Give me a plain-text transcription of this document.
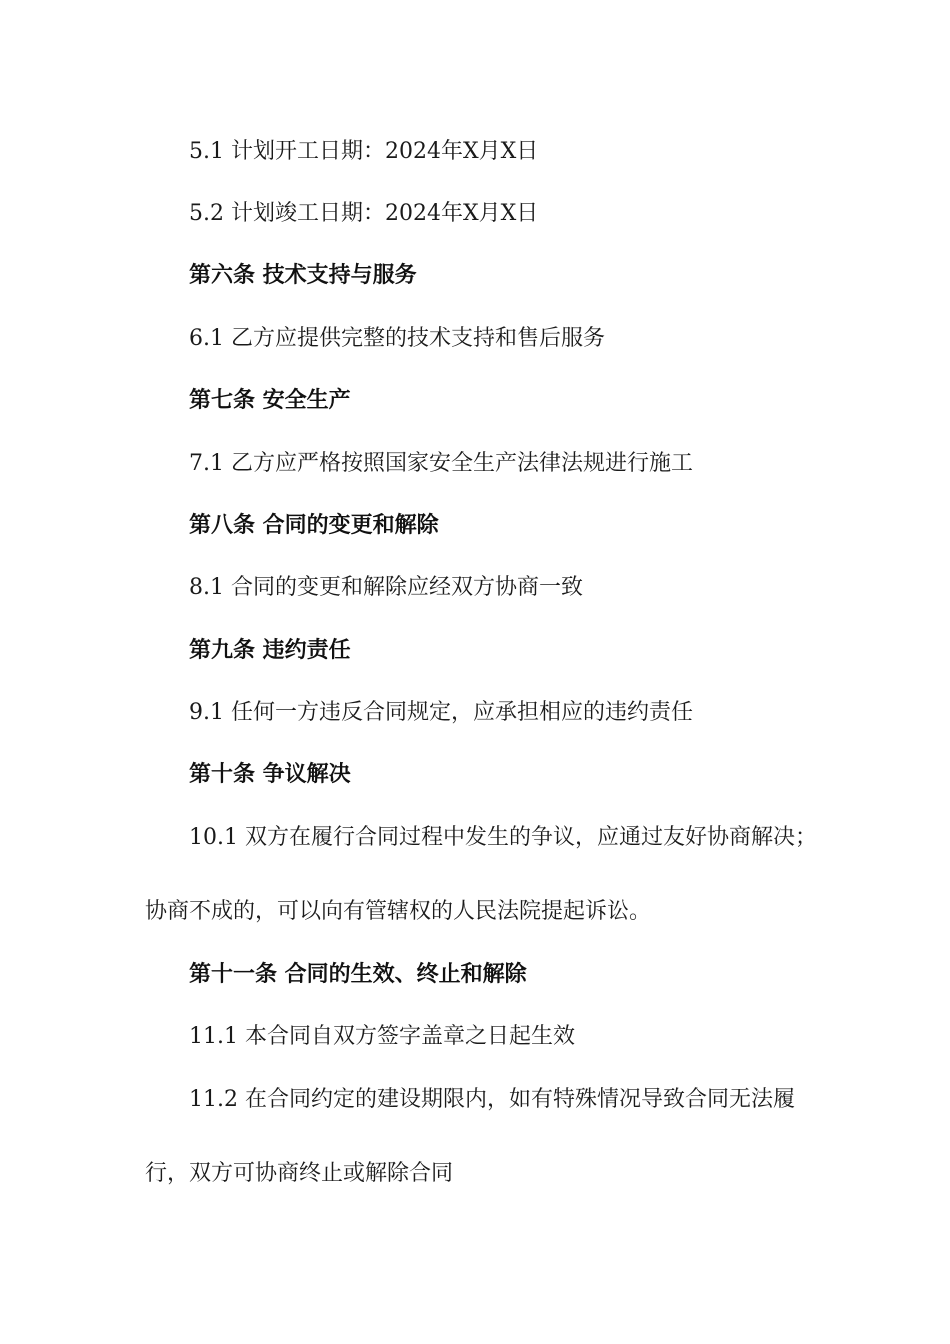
5.1 计划开工日期：2024年X月X日

5.2 计划竣工日期：2024年X月X日

第六条 技术支持与服务

6.1 乙方应提供完整的技术支持和售后服务

第七条 安全生产

7.1 乙方应严格按照国家安全生产法律法规进行施工

第八条 合同的变更和解除

8.1 合同的变更和解除应经双方协商一致

第九条 违约责任

9.1 任何一方违反合同规定，应承担相应的违约责任

第十条 争议解决

10.1 双方在履行合同过程中发生的争议，应通过友好协商解决；

协商不成的，可以向有管辖权的人民法院提起诉讼。

第十一条 合同的生效、终止和解除

11.1 本合同自双方签字盖章之日起生效

11.2 在合同约定的建设期限内，如有特殊情况导致合同无法履

行，双方可协商终止或解除合同
